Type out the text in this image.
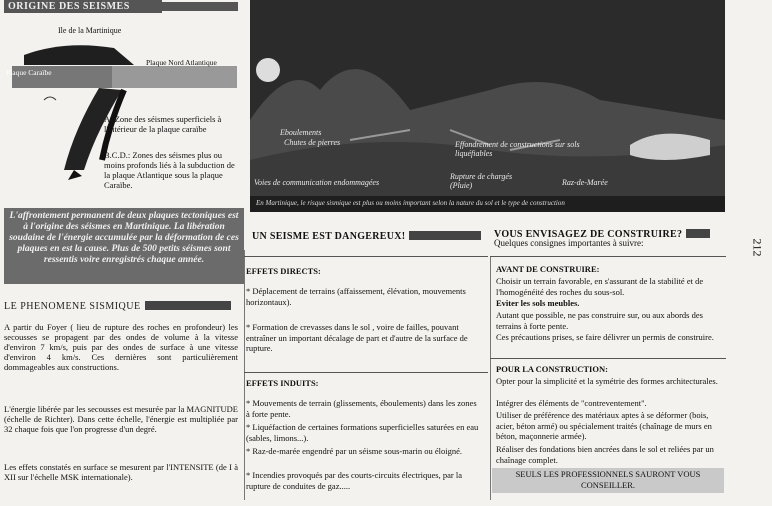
ORIGINE DES SEISMES
Ile de la Martinique
Plaque Caraïbe
Plaque Nord Atlantique
A: Zone des séismes superficiels à l'intérieur de la plaque caraïbe
B.C.D.: Zones des séismes plus ou moins profonds liés à la subduction de la plaque Atlantique sous la plaque Caraïbe.
L'affrontement permanent de deux plaques tectoniques est à l'origine des séismes en Martinique. La libération soudaine de l'énergie accumulée par la déformation de ces plaques en est la cause. Plus de 500 petits séismes sont ressentis voire enregistrés chaque année.
LE PHENOMENE SISMIQUE
A partir du Foyer ( lieu de rupture des roches en profondeur) les secousses se propagent par des ondes de volume à la vitesse d'environ 7 km/s, puis par des ondes de surface à une vitesse d'environ 4 km/s. Ces dernières sont particulièrement dommageables aux constructions.
L'énergie libérée par les secousses est mesurée par la MAGNITUDE (échelle de Richter). Dans cette échelle, l'énergie est multipliée par 32 chaque fois que l'on progresse d'un degré.
Les effets constatés en surface se mesurent par l'INTENSITE (de I à XII sur l'échelle MSK internationale).
Eboulements
Chutes de pierres	Effondrement de constructions sur sols liquéfiables
Voies de communication endommagées
Rupture de chargés (Pluie)	Raz-de-Marée
En Martinique, le risque sismique est plus ou moins important selon la nature du sol et le type de construction
UN SEISME EST DANGEREUX!
EFFETS DIRECTS:
* Déplacement de terrains (affaissement, élévation, mouvements horizontaux).
* Formation de crevasses dans le sol , voire de failles, pouvant entraîner un important décalage de part et d'autre de la surface de rupture.
EFFETS INDUITS:
* Mouvements de terrain (glissements, éboulements) dans les zones à forte pente.
* Liquéfaction de certaines formations superficielles saturées en eau (sables, limons...).
* Raz-de-marée engendré par un séisme sous-marin ou éloigné.
* Incendies provoqués par des courts-circuits électriques, par la rupture de conduites de gaz.....
VOUS ENVISAGEZ DE CONSTRUIRE?
Quelques consignes importantes à suivre:
AVANT DE CONSTRUIRE:
Choisir un terrain favorable, en s'assurant de la stabilité et de l'homogénéité des roches du sous-sol.
Eviter les sols meubles.
Autant que possible, ne pas construire sur, ou aux abords des terrains à forte pente.
Ces précautions prises, se faire délivrer un permis de construire.
POUR LA CONSTRUCTION:
Opter pour la simplicité et la symétrie des formes architecturales.
Intégrer des éléments de "contreventement".
Utiliser de préférence des matériaux aptes à se déformer (bois, acier, béton armé) ou spécialement traités (chaînage de murs en béton, maçonnerie armée).
Réaliser des fondations bien ancrées dans le sol et reliées par un chaînage complet.
SEULS LES PROFESSIONNELS SAURONT VOUS CONSEILLER.
212
